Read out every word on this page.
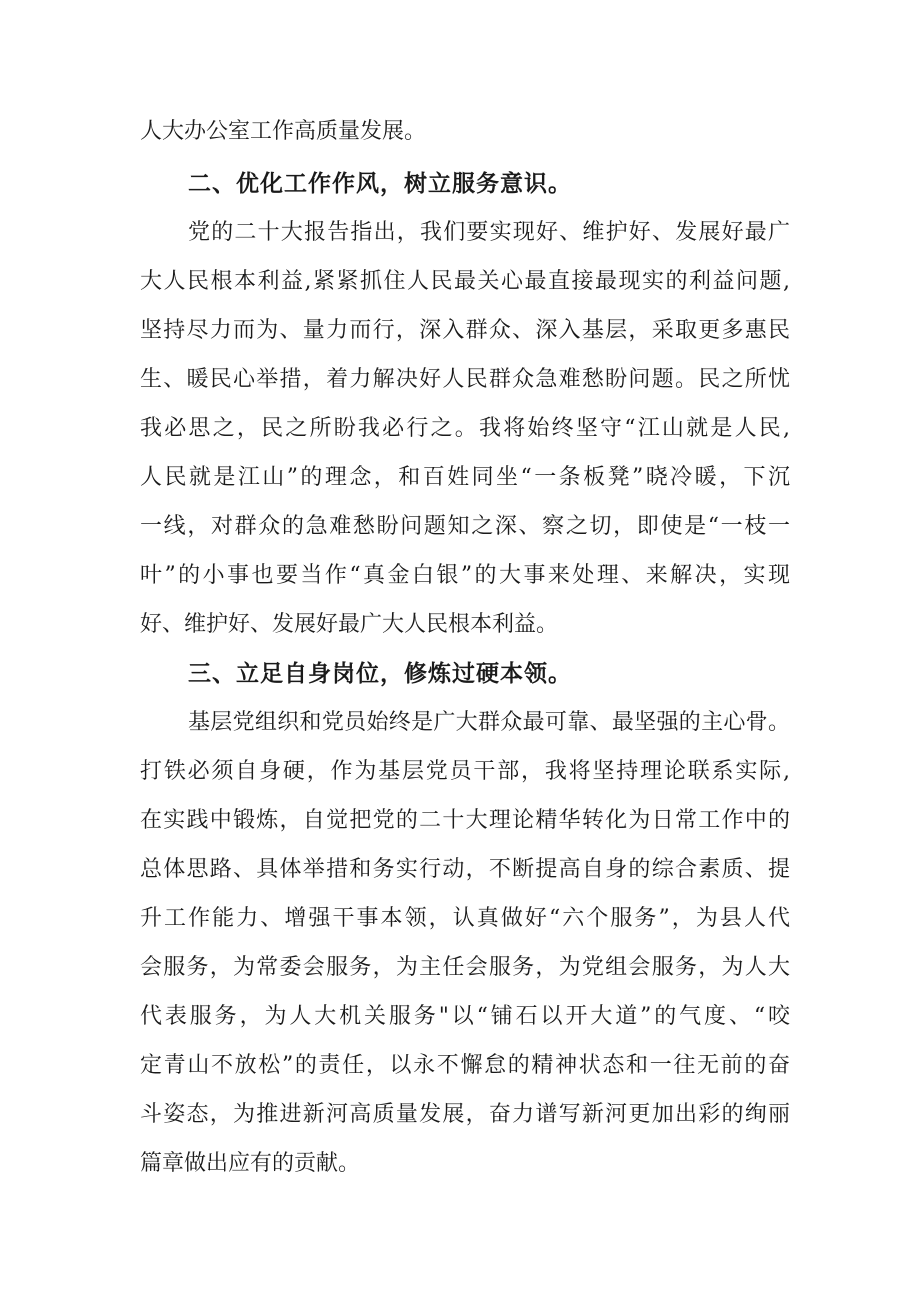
人大办公室工作高质量发展。
二、优化工作作风，树立服务意识。
党的二十大报告指出，我们要实现好、维护好、发展好最广
大人民根本利益,紧紧抓住人民最关心最直接最现实的利益问题,
坚持尽力而为、量力而行，深入群众、深入基层，采取更多惠民
生、暖民心举措，着力解决好人民群众急难愁盼问题。民之所忧
我必思之，民之所盼我必行之。我将始终坚守“江山就是人民,
人民就是江山”的理念，和百姓同坐“一条板凳”晓冷暖，下沉
一线，对群众的急难愁盼问题知之深、察之切，即使是“一枝一
叶”的小事也要当作“真金白银”的大事来处理、来解决，实现
好、维护好、发展好最广大人民根本利益。
三、立足自身岗位，修炼过硬本领。
基层党组织和党员始终是广大群众最可靠、最坚强的主心骨。
打铁必须自身硬，作为基层党员干部，我将坚持理论联系实际,
在实践中锻炼，自觉把党的二十大理论精华转化为日常工作中的
总体思路、具体举措和务实行动，不断提高自身的综合素质、提
升工作能力、增强干事本领，认真做好“六个服务”，为县人代
会服务，为常委会服务，为主任会服务，为党组会服务，为人大
代表服务，为人大机关服务"以“铺石以开大道”的气度、“咬
定青山不放松”的责任，以永不懈怠的精神状态和一往无前的奋
斗姿态，为推进新河高质量发展，奋力谱写新河更加出彩的绚丽
篇章做出应有的贡献。
